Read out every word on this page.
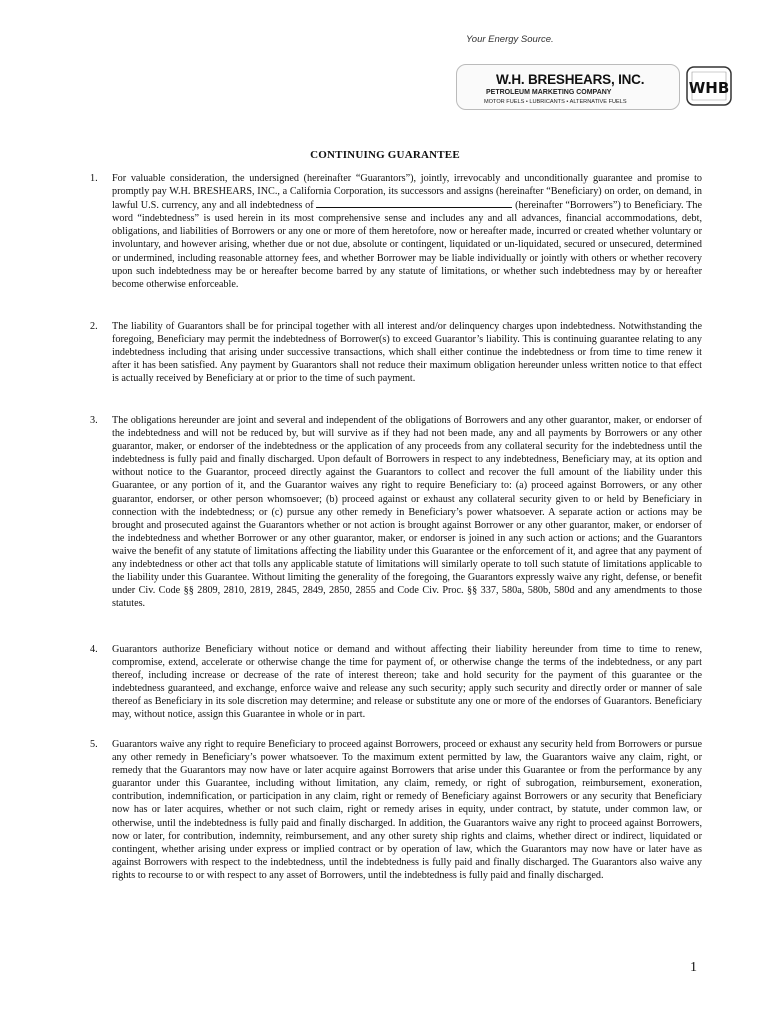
Your Energy Source.
W.H. BRESHEARS, INC.
PETROLEUM MARKETING COMPANY
MOTOR FUELS • LUBRICANTS • ALTERNATIVE FUELS
WHB
CONTINUING GUARANTEE
1.	For valuable consideration, the undersigned (hereinafter “Guarantors”), jointly, irrevocably and unconditionally guarantee and promise to promptly pay W.H. BRESHEARS, INC., a California Corporation, its successors and assigns (hereinafter “Beneficiary) on order, on demand, in lawful U.S. currency, any and all indebtedness of	(hereinafter “Borrowers”) to Beneficiary. The word “indebtedness” is used herein in its most comprehensive sense and includes any and all advances, financial accommodations, debt, obligations, and liabilities of Borrowers or any one or more of them heretofore, now or hereafter made, incurred or created whether voluntary or involuntary, and however arising, whether due or not due, absolute or contingent, liquidated or un-liquidated, secured or unsecured, determined or undermined, including reasonable attorney fees, and whether Borrower may be liable individually or jointly with others or whether recovery upon such indebtedness may be or hereafter become barred by any statute of limitations, or whether such indebtedness may by or hereafter become otherwise enforceable.
2.	The liability of Guarantors shall be for principal together with all interest and/or delinquency charges upon indebtedness. Notwithstanding the foregoing, Beneficiary may permit the indebtedness of Borrower(s) to exceed Guarantor’s liability. This is continuing guarantee relating to any indebtedness including that arising under successive transactions, which shall either continue the indebtedness or from time to time renew it after it has been satisfied. Any payment by Guarantors shall not reduce their maximum obligation hereunder unless written notice to that effect is actually received by Beneficiary at or prior to the time of such payment.
3.	The obligations hereunder are joint and several and independent of the obligations of Borrowers and any other guarantor, maker, or endorser of the indebtedness and will not be reduced by, but will survive as if they had not been made, any and all payments by Borrowers or any other guarantor, maker, or endorser of the indebtedness or the application of any proceeds from any collateral security for the indebtedness until the indebtedness is fully paid and finally discharged. Upon default of Borrowers in respect to any indebtedness, Beneficiary may, at its option and without notice to the Guarantor, proceed directly against the Guarantors to collect and recover the full amount of the liability under this Guarantee, or any portion of it, and the Guarantor waives any right to require Beneficiary to: (a) proceed against Borrowers, or any other guarantor, endorser, or other person whomsoever; (b) proceed against or exhaust any collateral security given to or held by Beneficiary in connection with the indebtedness; or (c) pursue any other remedy in Beneficiary’s power whatsoever. A separate action or actions may be brought and prosecuted against the Guarantors whether or not action is brought against Borrower or any other guarantor, maker, or endorser of the indebtedness and whether Borrower or any other guarantor, maker, or endorser is joined in any such action or actions; and the Guarantors waive the benefit of any statute of limitations affecting the liability under this Guarantee or the enforcement of it, and agree that any payment of any indebtedness or other act that tolls any applicable statute of limitations will similarly operate to toll such statute of limitations applicable to the liability under this Guarantee. Without limiting the generality of the foregoing, the Guarantors expressly waive any right, defense, or benefit under Civ. Code §§ 2809, 2810, 2819, 2845, 2849, 2850, 2855 and Code Civ. Proc. §§ 337, 580a, 580b, 580d and any amendments to those statutes.
4.	Guarantors authorize Beneficiary without notice or demand and without affecting their liability hereunder from time to time to renew, compromise, extend, accelerate or otherwise change the time for payment of, or otherwise change the terms of the indebtedness, or any part thereof, including increase or decrease of the rate of interest thereon; take and hold security for the payment of this guarantee or the indebtedness guaranteed, and exchange, enforce waive and release any such security; apply such security and directly order or manner of sale thereof as Beneficiary in its sole discretion may determine; and release or substitute any one or more of the endorses of Guarantors. Beneficiary may, without notice, assign this Guarantee in whole or in part.
5.	Guarantors waive any right to require Beneficiary to proceed against Borrowers, proceed or exhaust any security held from Borrowers or pursue any other remedy in Beneficiary’s power whatsoever. To the maximum extent permitted by law, the Guarantors waive any claim, right, or remedy that the Guarantors may now have or later acquire against Borrowers that arise under this Guarantee or from the performance by any guarantor under this Guarantee, including without limitation, any claim, remedy, or right of subrogation, reimbursement, exoneration, contribution, indemnification, or participation in any claim, right or remedy of Beneficiary against Borrowers or any security that Beneficiary now has or later acquires, whether or not such claim, right or remedy arises in equity, under contract, by statute, under common law, or otherwise, until the indebtedness is fully paid and finally discharged. In addition, the Guarantors waive any right to proceed against Borrowers, now or later, for contribution, indemnity, reimbursement, and any other surety ship rights and claims, whether direct or indirect, liquidated or contingent, whether arising under express or implied contract or by operation of law, which the Guarantors may now have or later have as against Borrowers with respect to the indebtedness, until the indebtedness is fully paid and finally discharged. The Guarantors also waive any rights to recourse to or with respect to any asset of Borrowers, until the indebtedness is fully paid and finally discharged.
1
